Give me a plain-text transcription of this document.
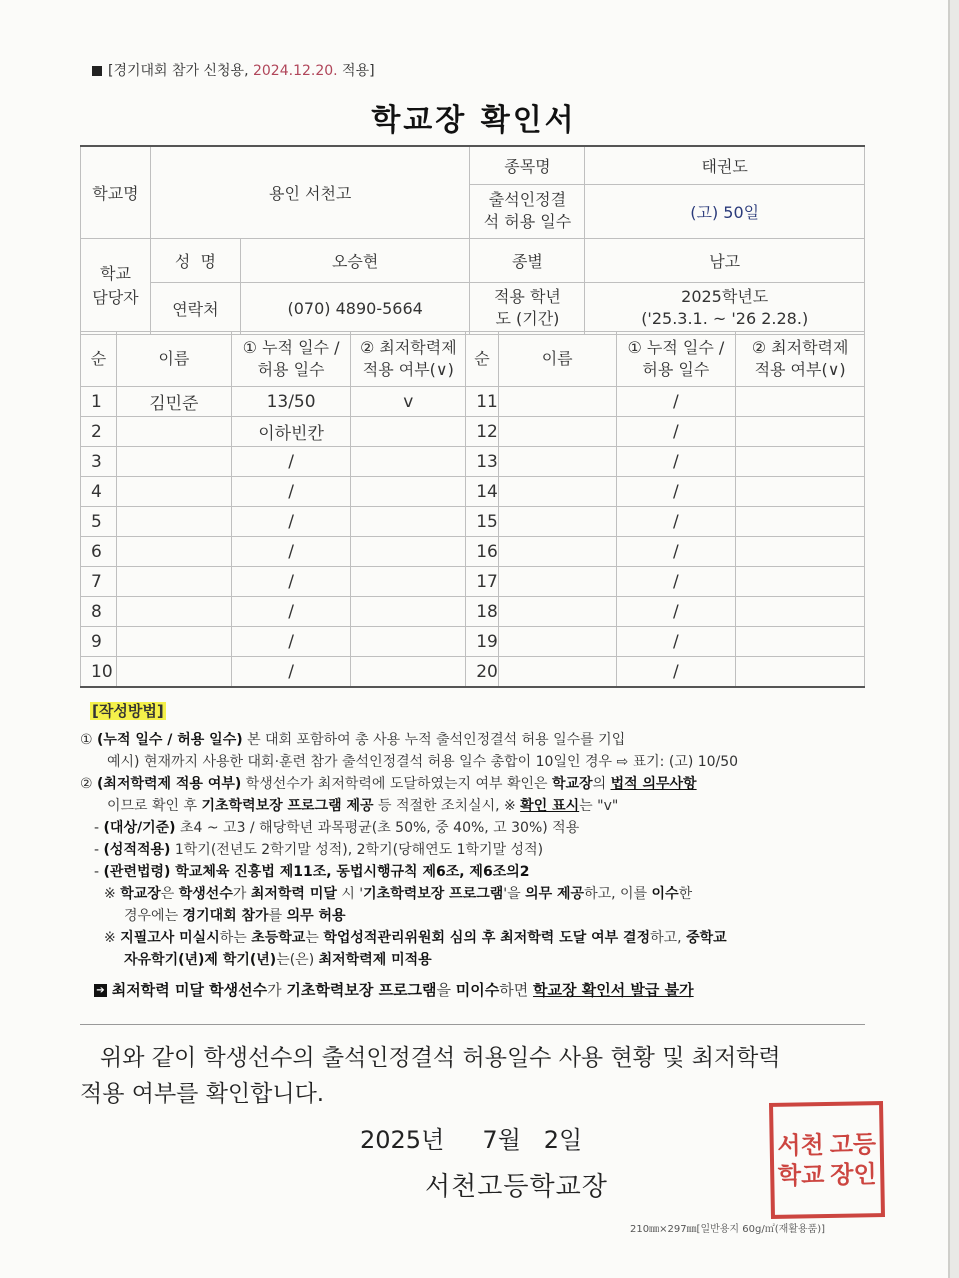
[경기대회 참가 신청용, 2024.12.20. 적용]
학교장 확인서
학교명	용인 서천고		종목명	태권도
			출석인정결석 허용 일수	(고) 50일
학교 담당자	성  명	오승현	종별	남고
	연락처	(070) 4890-5664	적용 학년도 (기간)	2025학년도
('25.3.1. ~ '26 2.28.)
순	이름	① 누적 일수 / 허용 일수	② 최저학력제 적용 여부(∨)	순	이름	① 누적 일수 / 허용 일수	② 최저학력제 적용 여부(∨)
1	김민준	13/50	v	11		/	
2		이하빈칸		12		/	
3		/		13		/	
4		/		14		/	
5		/		15		/	
6		/		16		/	
7		/		17		/	
8		/		18		/	
9		/		19		/	
10		/		20		/	
[작성방법]
① (누적 일수 / 허용 일수) 본 대회 포함하여 총 사용 누적 출석인정결석 허용 일수를 기입
예시) 현재까지 사용한 대회·훈련 참가 출석인정결석 허용 일수 총합이 10일인 경우 ⇨ 표기: (고) 10/50
② (최저학력제 적용 여부) 학생선수가 최저학력에 도달하였는지 여부 확인은 학교장의 법적 의무사항
이므로 확인 후 기초학력보장 프로그램 제공 등 적절한 조치실시, ※ 확인 표시는 "v"
- (대상/기준) 초4 ~ 고3 / 해당학년 과목평균(초 50%, 중 40%, 고 30%) 적용
- (성적적용) 1학기(전년도 2학기말 성적), 2학기(당해연도 1학기말 성적)
- (관련법령) 학교체육 진흥법 제11조, 동법시행규칙 제6조, 제6조의2
※ 학교장은 학생선수가 최저학력 미달 시 '기초학력보장 프로그램'을 의무 제공하고, 이를 이수한
경우에는 경기대회 참가를 의무 허용
※ 지필고사 미실시하는 초등학교는 학업성적관리위원회 심의 후 최저학력 도달 여부 결정하고, 중학교
자유학기(년)제 학기(년)는(은) 최저학력제 미적용
➔ 최저학력 미달 학생선수가 기초학력보장 프로그램을 미이수하면 학교장 확인서 발급 불가
위와 같이 학생선수의 출석인정결석 허용일수 사용 현황 및 최저학력
적용 여부를 확인합니다.
2025년 7월 2일
서천고등학교장
서천 고등
학교 장인
210㎜×297㎜[일반용지 60g/㎡(재활용품)]
